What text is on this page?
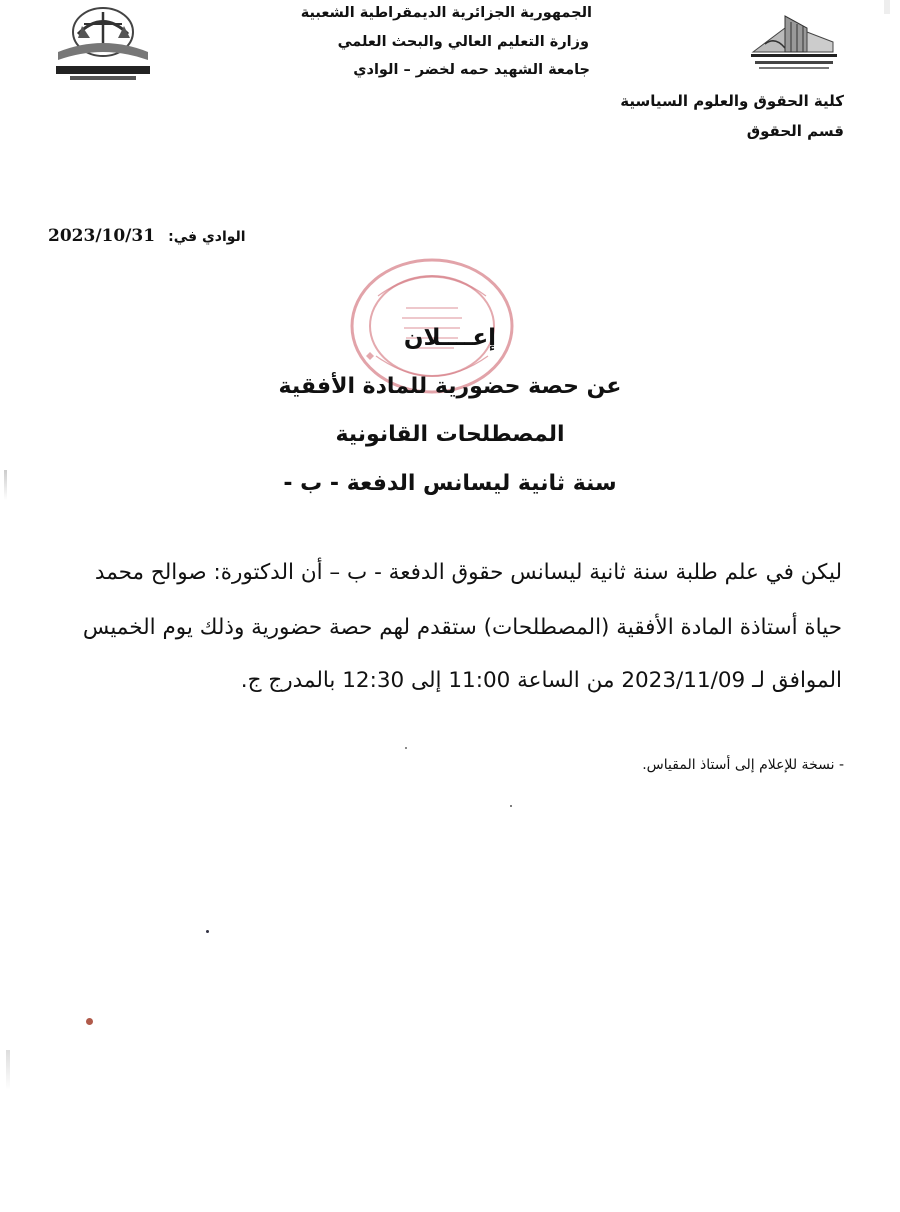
الجمهورية الجزائرية الديمقراطية الشعبية
وزارة التعليم العالي والبحث العلمي
جامعة الشهيد حمه لخضر – الوادي
كلية الحقوق والعلوم السياسية
قسم الحقوق
2023/10/31 الوادي في:
إعــــلان
عن حصة حضورية للمادة الأفقية
المصطلحات القانونية
سنة ثانية ليسانس الدفعة - ب -
ليكن في علم طلبة سنة ثانية ليسانس حقوق الدفعة - ب – أن الدكتورة: صوالح محمد
حياة أستاذة المادة الأفقية (المصطلحات) ستقدم لهم حصة حضورية وذلك يوم الخميس
الموافق لـ 2023/11/09 من الساعة 11:00 إلى 12:30 بالمدرج ج.
- نسخة للإعلام إلى أستاذ المقياس.
